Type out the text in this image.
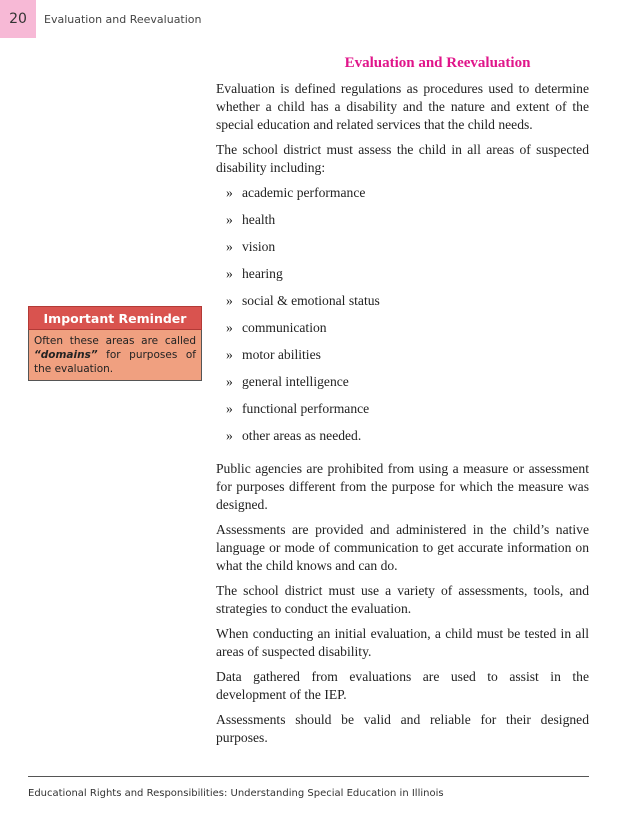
20 Evaluation and Reevaluation
Evaluation and Reevaluation

Evaluation is defined regulations as procedures used to determine whether a child has a disability and the nature and extent of the special education and related services that the child needs.

The school district must assess the child in all areas of suspected disability including:

» academic performance
» health
» vision
» hearing
» social & emotional status
» communication
» motor abilities
» general intelligence
» functional performance
» other areas as needed.

Public agencies are prohibited from using a measure or assessment for purposes different from the purpose for which the measure was designed.

Assessments are provided and administered in the child’s native language or mode of communication to get accurate information on what the child knows and can do.

The school district must use a variety of assessments, tools, and strategies to conduct the evaluation.

When conducting an initial evaluation, a child must be tested in all areas of suspected disability.

Data gathered from evaluations are used to assist in the development of the IEP.

Assessments should be valid and reliable for their designed purposes.

Important Reminder
Often these areas are called “domains” for purposes of the evaluation.
Educational Rights and Responsibilities: Understanding Special Education in Illinois
